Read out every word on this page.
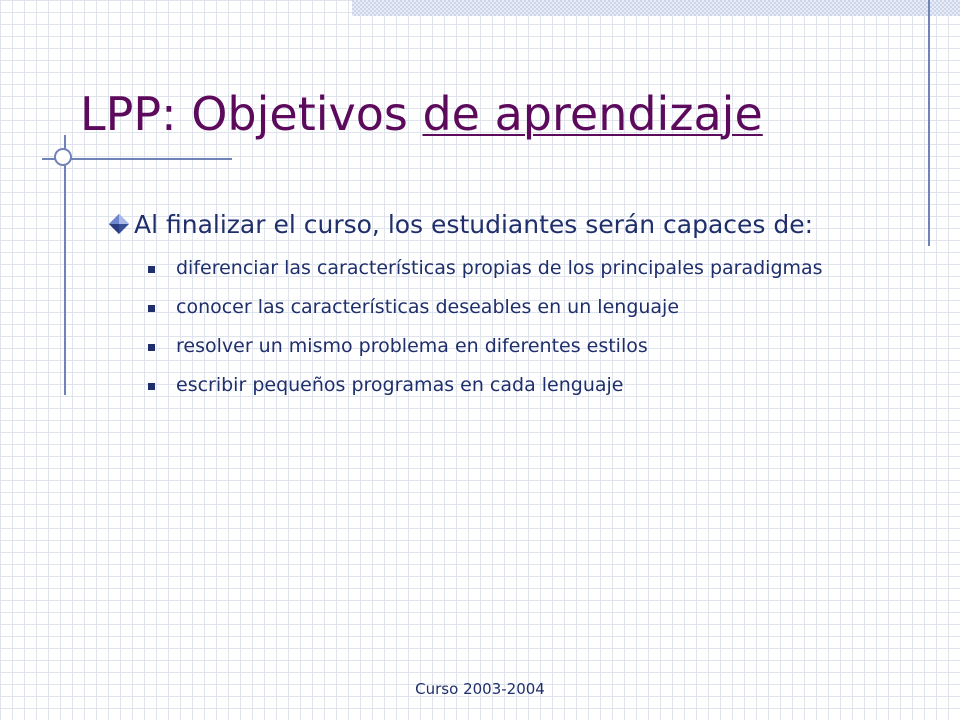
LPP: Objetivos de aprendizaje
Al finalizar el curso, los estudiantes serán capaces de:
diferenciar las características propias de los principales paradigmas
conocer las características deseables en un lenguaje
resolver un mismo problema en diferentes estilos
escribir pequeños programas en cada lenguaje
Curso 2003-2004
